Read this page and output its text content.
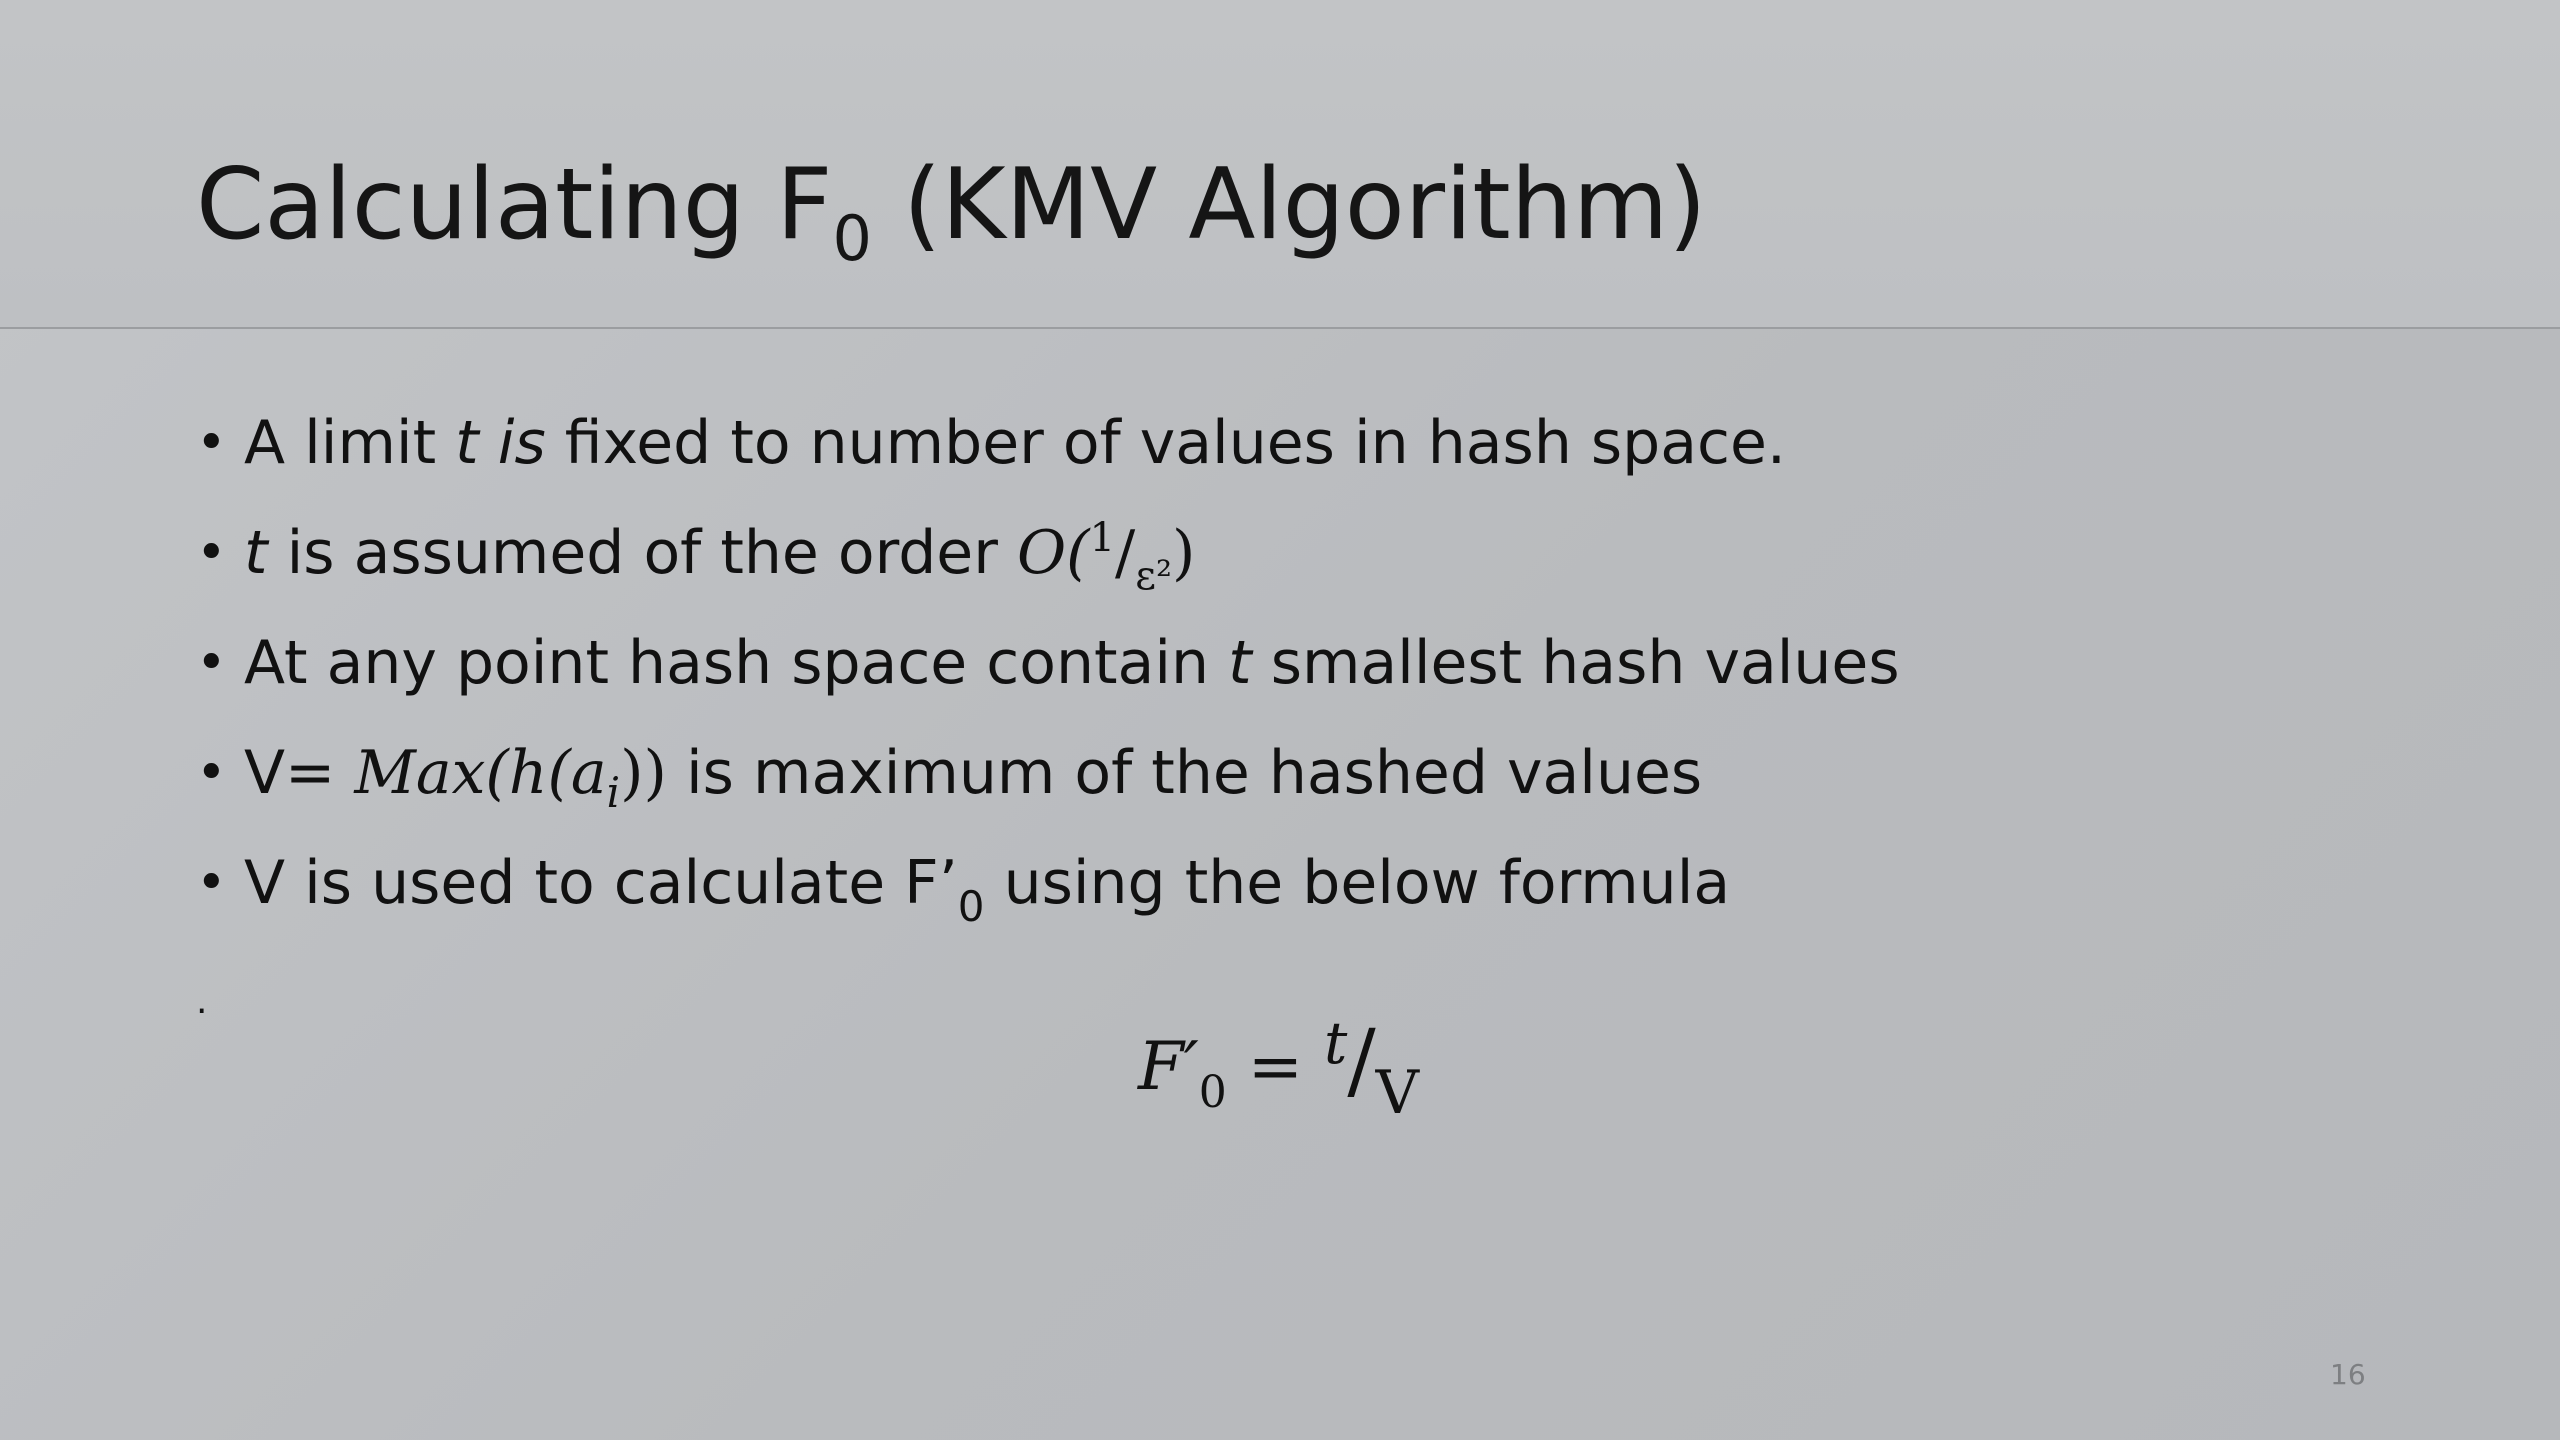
Calculating $F_0$ (KMV Algorithm)
• A limit t is fixed to number of values in hash space.
• t is assumed of the order $O(^1/_{\varepsilon^2})$
• At any point hash space contain t smallest hash values
• $V= Max(h(a_i))$ is maximum of the hashed values
• V is used to calculate $F’_0$ using the below formula
.
$F'_0 = t/V$
16
